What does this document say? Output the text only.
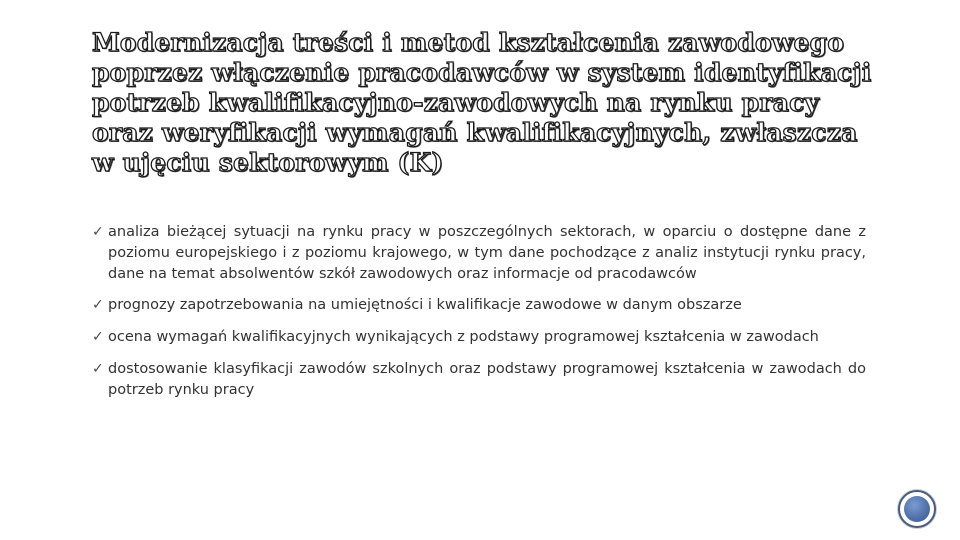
Modernizacja treści i metod kształcenia zawodowego poprzez włączenie pracodawców w system identyfikacji potrzeb kwalifikacyjno-zawodowych na rynku pracy oraz weryfikacji wymagań kwalifikacyjnych, zwłaszcza w ujęciu sektorowym (K)
✓ analiza bieżącej sytuacji na rynku pracy w poszczególnych sektorach, w oparciu o dostępne dane z poziomu europejskiego i z poziomu krajowego, w tym dane pochodzące z analiz instytucji rynku pracy, dane na temat absolwentów szkół zawodowych oraz informacje od pracodawców
✓ prognozy zapotrzebowania na umiejętności i kwalifikacje zawodowe w danym obszarze
✓ ocena wymagań kwalifikacyjnych wynikających z podstawy programowej kształcenia w zawodach
✓ dostosowanie klasyfikacji zawodów szkolnych oraz podstawy programowej kształcenia w zawodach do potrzeb rynku pracy
